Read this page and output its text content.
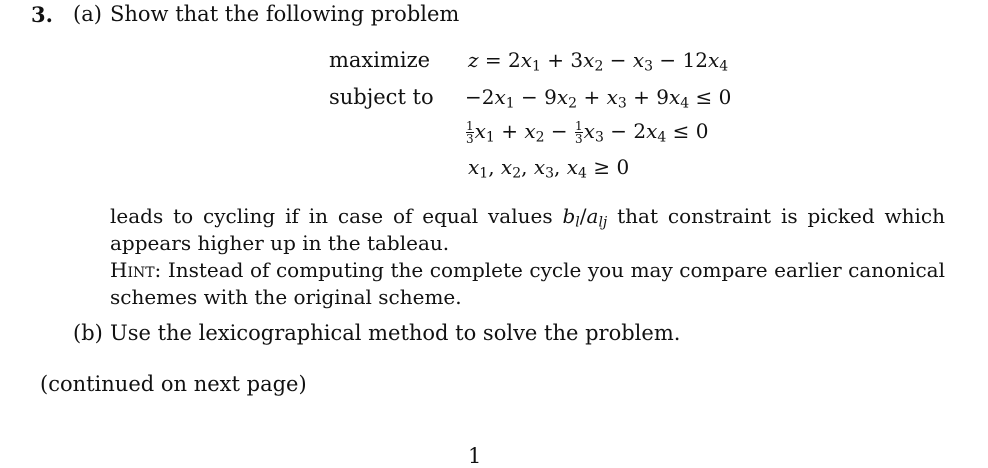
3. (a) Show that the following problem
maximize
subject to
$z = 2x_1 + 3x_2 - x_3 - 12x_4$
$-2x_1 - 9x_2 + x_3 + 9x_4 \le 0$
$\frac{1}{3} x_1 + x_2 - \frac{1}{3} x_3 - 2x_4 \le 0$
$x_1$, $x_2$, $x_3$, $x_4 \ge 0$
leads to cycling if in case of equal values $b_l/a_{lj}$ that constraint is picked which appears higher up in the tableau.
Hint: Instead of computing the complete cycle you may compare earlier canonical schemes with the original scheme.
(b) Use the lexicographical method to solve the problem.
(continued on next page)
1
